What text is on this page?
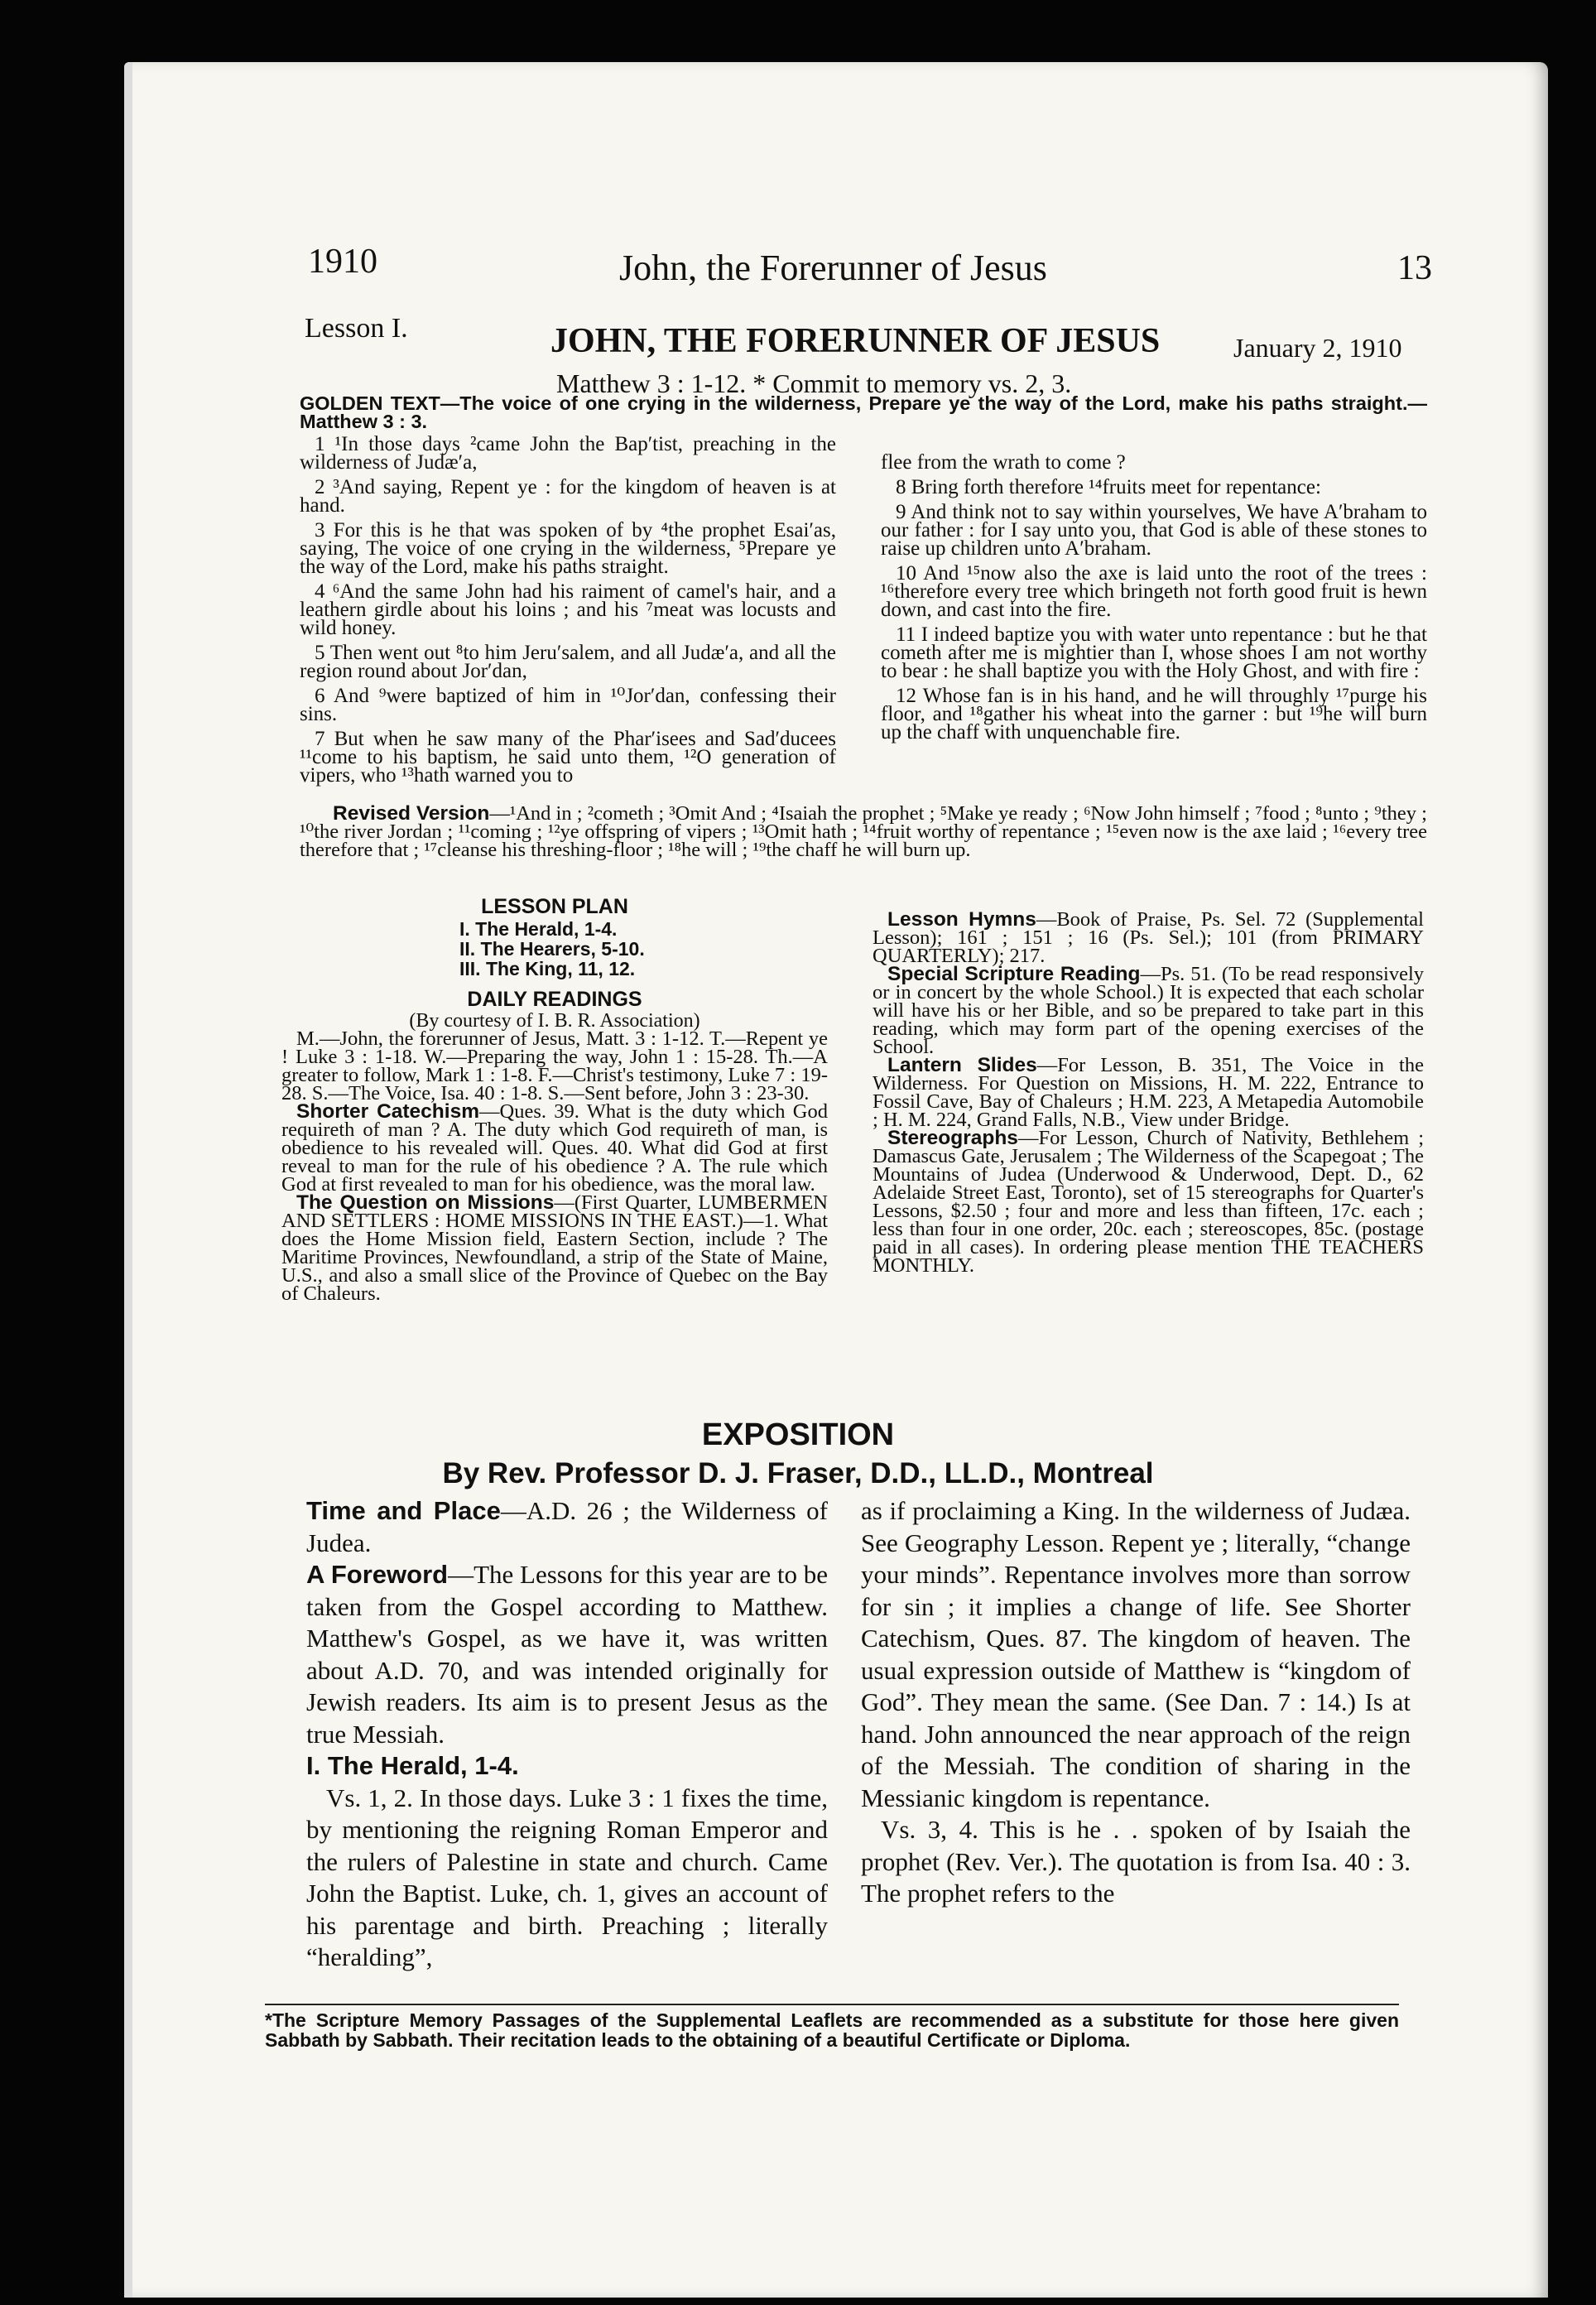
1910	John, the Forerunner of Jesus	13
Lesson I.	JOHN, THE FORERUNNER OF JESUS	January 2, 1910
Matthew 3 : 1-12. * Commit to memory vs. 2, 3.
GOLDEN TEXT—The voice of one crying in the wilderness, Prepare ye the way of the Lord, make his paths straight.—Matthew 3 : 3.

1 ¹In those days ²came John the Bap′tist, preaching in the wilderness of Judæ′a,

2 ³And saying, Repent ye : for the kingdom of heaven is at hand.

3 For this is he that was spoken of by ⁴the prophet Esai′as, saying, The voice of one crying in the wilderness, ⁵Prepare ye the way of the Lord, make his paths straight.

4 ⁶And the same John had his raiment of camel's hair, and a leathern girdle about his loins ; and his ⁷meat was locusts and wild honey.

5 Then went out ⁸to him Jeru′salem, and all Judæ′a, and all the region round about Jor′dan,

6 And ⁹were baptized of him in ¹⁰Jor′dan, confessing their sins.

7 But when he saw many of the Phar′isees and Sad′ducees ¹¹come to his baptism, he said unto them, ¹²O generation of vipers, who ¹³hath warned you to

flee from the wrath to come ?

8 Bring forth therefore ¹⁴fruits meet for repentance:

9 And think not to say within yourselves, We have A′braham to our father : for I say unto you, that God is able of these stones to raise up children unto A′braham.

10 And ¹⁵now also the axe is laid unto the root of the trees : ¹⁶therefore every tree which bringeth not forth good fruit is hewn down, and cast into the fire.

11 I indeed baptize you with water unto repentance : but he that cometh after me is mightier than I, whose shoes I am not worthy to bear : he shall baptize you with the Holy Ghost, and with fire :

12 Whose fan is in his hand, and he will throughly ¹⁷purge his floor, and ¹⁸gather his wheat into the garner : but ¹⁹he will burn up the chaff with unquenchable fire.

Revised Version—¹And in ; ²cometh ; ³Omit And ; ⁴Isaiah the prophet ; ⁵Make ye ready ; ⁶Now John himself ; ⁷food ; ⁸unto ; ⁹they ; ¹⁰the river Jordan ; ¹¹coming ; ¹²ye offspring of vipers ; ¹³Omit hath ; ¹⁴fruit worthy of repentance ; ¹⁵even now is the axe laid ; ¹⁶every tree therefore that ; ¹⁷cleanse his threshing-floor ; ¹⁸he will ; ¹⁹the chaff he will burn up.
LESSON PLAN
I. The Herald, 1-4.
II. The Hearers, 5-10.
III. The King, 11, 12.
DAILY READINGS
(By courtesy of I. B. R. Association)

M.—John, the forerunner of Jesus, Matt. 3 : 1-12. T.—Repent ye ! Luke 3 : 1-18. W.—Preparing the way, John 1 : 15-28. Th.—A greater to follow, Mark 1 : 1-8. F.—Christ's testimony, Luke 7 : 19-28. S.—The Voice, Isa. 40 : 1-8. S.—Sent before, John 3 : 23-30.

Shorter Catechism—Ques. 39. What is the duty which God requireth of man ? A. The duty which God requireth of man, is obedience to his revealed will. Ques. 40. What did God at first reveal to man for the rule of his obedience ? A. The rule which God at first revealed to man for his obedience, was the moral law.

The Question on Missions—(First Quarter, LUMBERMEN AND SETTLERS : HOME MISSIONS IN THE EAST.)—1. What does the Home Mission field, Eastern Section, include ? The Maritime Provinces, Newfoundland, a strip of the State of Maine, U.S., and also a small slice of the Province of Quebec on the Bay of Chaleurs.

Lesson Hymns—Book of Praise, Ps. Sel. 72 (Supplemental Lesson); 161 ; 151 ; 16 (Ps. Sel.); 101 (from PRIMARY QUARTERLY); 217.

Special Scripture Reading—Ps. 51. (To be read responsively or in concert by the whole School.) It is expected that each scholar will have his or her Bible, and so be prepared to take part in this reading, which may form part of the opening exercises of the School.

Lantern Slides—For Lesson, B. 351, The Voice in the Wilderness. For Question on Missions, H. M. 222, Entrance to Fossil Cave, Bay of Chaleurs ; H.M. 223, A Metapedia Automobile ; H. M. 224, Grand Falls, N.B., View under Bridge.

Stereographs—For Lesson, Church of Nativity, Bethlehem ; Damascus Gate, Jerusalem ; The Wilderness of the Scapegoat ; The Mountains of Judea (Underwood & Underwood, Dept. D., 62 Adelaide Street East, Toronto), set of 15 stereographs for Quarter's Lessons, $2.50 ; four and more and less than fifteen, 17c. each ; less than four in one order, 20c. each ; stereoscopes, 85c. (postage paid in all cases). In ordering please mention THE TEACHERS MONTHLY.

EXPOSITION
By Rev. Professor D. J. Fraser, D.D., LL.D., Montreal

Time and Place—A.D. 26 ; the Wilderness of Judea.

A Foreword—The Lessons for this year are to be taken from the Gospel according to Matthew. Matthew's Gospel, as we have it, was written about A.D. 70, and was intended originally for Jewish readers. Its aim is to present Jesus as the true Messiah.

I. The Herald, 1-4.

Vs. 1, 2. In those days. Luke 3 : 1 fixes the time, by mentioning the reigning Roman Emperor and the rulers of Palestine in state and church. Came John the Baptist. Luke, ch. 1, gives an account of his parentage and birth. Preaching ; literally “heralding”,

as if proclaiming a King. In the wilderness of Judæa. See Geography Lesson. Repent ye ; literally, “change your minds”. Repentance involves more than sorrow for sin ; it implies a change of life. See Shorter Catechism, Ques. 87. The kingdom of heaven. The usual expression outside of Matthew is “kingdom of God”. They mean the same. (See Dan. 7 : 14.) Is at hand. John announced the near approach of the reign of the Messiah. The condition of sharing in the Messianic kingdom is repentance.

Vs. 3, 4. This is he . . spoken of by Isaiah the prophet (Rev. Ver.). The quotation is from Isa. 40 : 3. The prophet refers to the

*The Scripture Memory Passages of the Supplemental Leaflets are recommended as a substitute for those here given Sabbath by Sabbath. Their recitation leads to the obtaining of a beautiful Certificate or Diploma.
